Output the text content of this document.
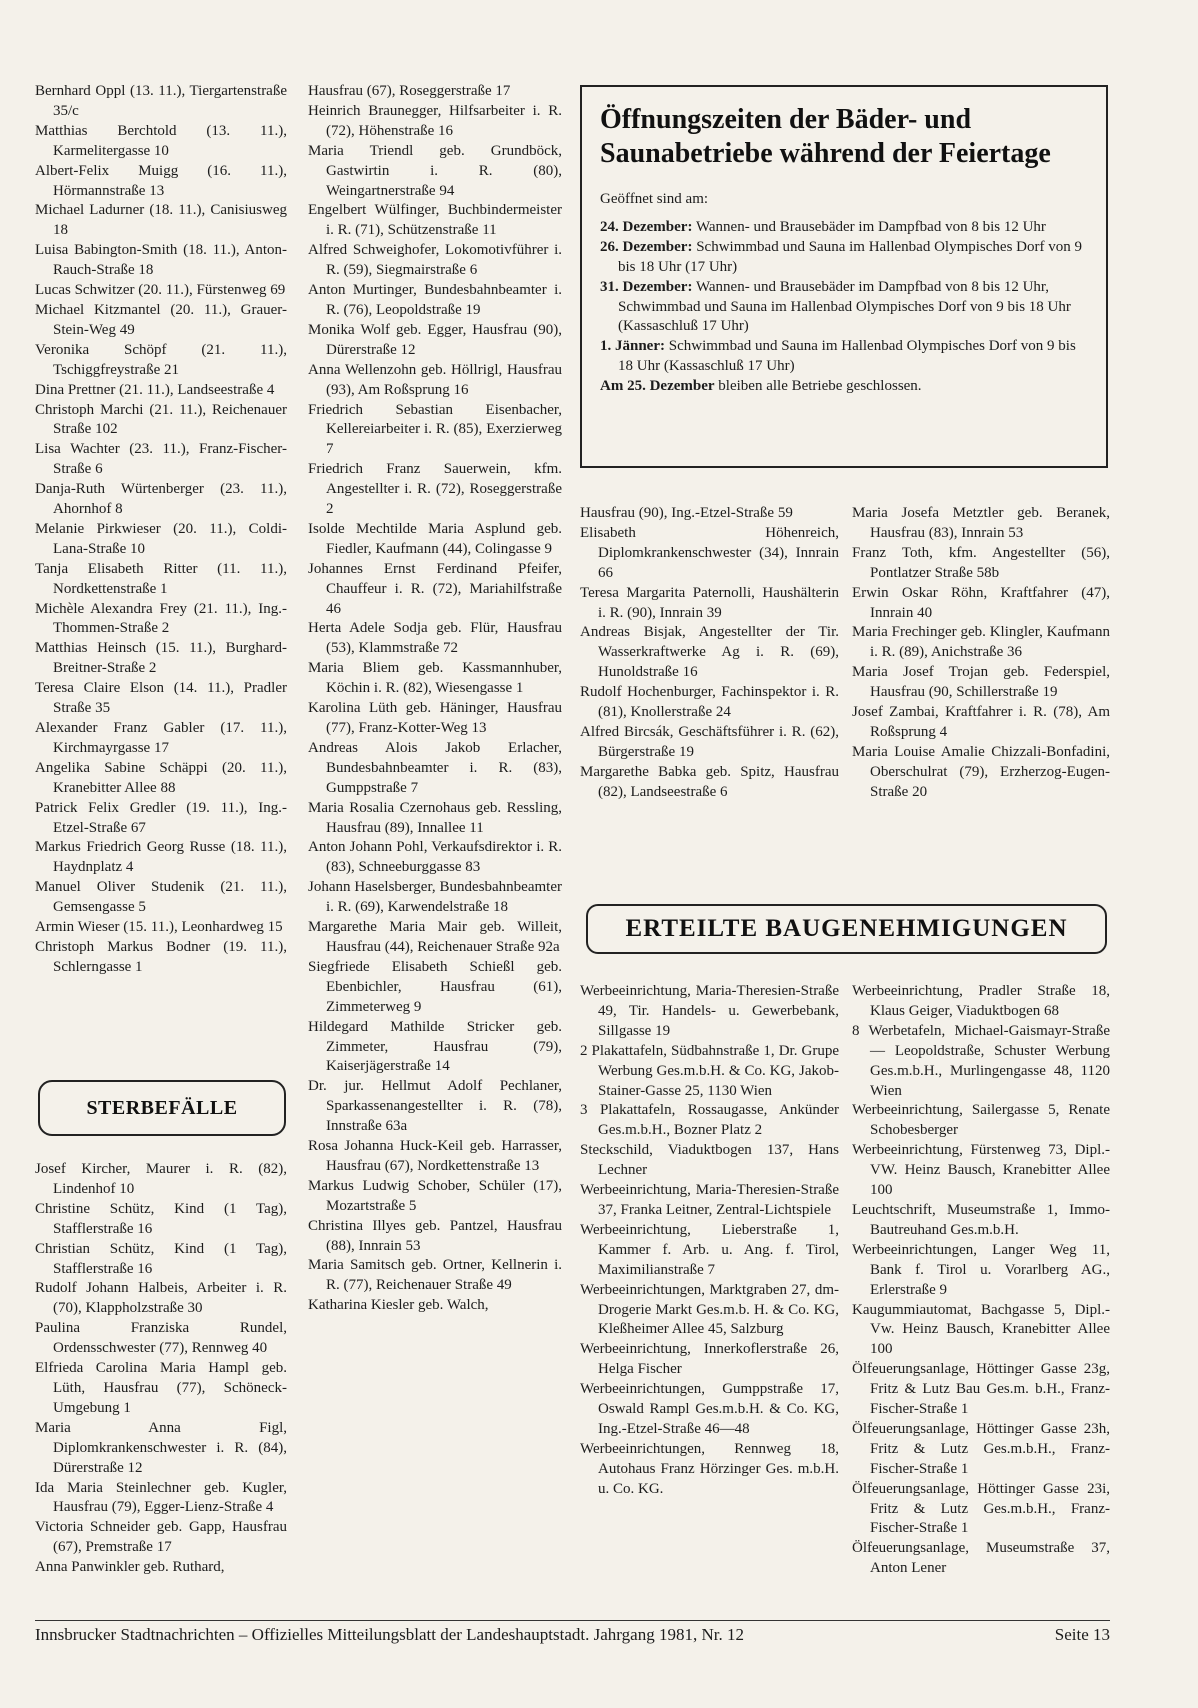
Bernhard Oppl (13. 11.), Tiergartenstraße 35/c

Matthias Berchtold (13. 11.), Karmelitergasse 10

Albert-Felix Muigg (16. 11.), Hörmannstraße 13

Michael Ladurner (18. 11.), Canisiusweg 18

Luisa Babington-Smith (18. 11.), Anton-Rauch-Straße 18

Lucas Schwitzer (20. 11.), Fürstenweg 69

Michael Kitzmantel (20. 11.), Grauer-Stein-Weg 49

Veronika Schöpf (21. 11.), Tschiggfreystraße 21

Dina Prettner (21. 11.), Landseestraße 4

Christoph Marchi (21. 11.), Reichenauer Straße 102

Lisa Wachter (23. 11.), Franz-Fischer-Straße 6

Danja-Ruth Würtenberger (23. 11.), Ahornhof 8

Melanie Pirkwieser (20. 11.), Coldi-Lana-Straße 10

Tanja Elisabeth Ritter (11. 11.), Nordkettenstraße 1

Michèle Alexandra Frey (21. 11.), Ing.-Thommen-Straße 2

Matthias Heinsch (15. 11.), Burghard-Breitner-Straße 2

Teresa Claire Elson (14. 11.), Pradler Straße 35

Alexander Franz Gabler (17. 11.), Kirchmayrgasse 17

Angelika Sabine Schäppi (20. 11.), Kranebitter Allee 88

Patrick Felix Gredler (19. 11.), Ing.-Etzel-Straße 67

Markus Friedrich Georg Russe (18. 11.), Haydnplatz 4

Manuel Oliver Studenik (21. 11.), Gemsengasse 5

Armin Wieser (15. 11.), Leonhardweg 15

Christoph Markus Bodner (19. 11.), Schlerngasse 1

STERBEFÄLLE

Josef Kircher, Maurer i. R. (82), Lindenhof 10

Christine Schütz, Kind (1 Tag), Stafflerstraße 16

Christian Schütz, Kind (1 Tag), Stafflerstraße 16

Rudolf Johann Halbeis, Arbeiter i. R. (70), Klappholzstraße 30

Paulina Franziska Rundel, Ordensschwester (77), Rennweg 40

Elfrieda Carolina Maria Hampl geb. Lüth, Hausfrau (77), Schöneck-Umgebung 1

Maria Anna Figl, Diplomkrankenschwester i. R. (84), Dürerstraße 12

Ida Maria Steinlechner geb. Kugler, Hausfrau (79), Egger-Lienz-Straße 4

Victoria Schneider geb. Gapp, Hausfrau (67), Premstraße 17

Anna Panwinkler geb. Ruthard,

Hausfrau (67), Roseggerstraße 17

Heinrich Braunegger, Hilfsarbeiter i. R. (72), Höhenstraße 16

Maria Triendl geb. Grundböck, Gastwirtin i. R. (80), Weingartnerstraße 94

Engelbert Wülfinger, Buchbindermeister i. R. (71), Schützenstraße 11

Alfred Schweighofer, Lokomotivführer i. R. (59), Siegmairstraße 6

Anton Murtinger, Bundesbahnbeamter i. R. (76), Leopoldstraße 19

Monika Wolf geb. Egger, Hausfrau (90), Dürerstraße 12

Anna Wellenzohn geb. Höllrigl, Hausfrau (93), Am Roßsprung 16

Friedrich Sebastian Eisenbacher, Kellereiarbeiter i. R. (85), Exerzierweg 7

Friedrich Franz Sauerwein, kfm. Angestellter i. R. (72), Roseggerstraße 2

Isolde Mechtilde Maria Asplund geb. Fiedler, Kaufmann (44), Colingasse 9

Johannes Ernst Ferdinand Pfeifer, Chauffeur i. R. (72), Mariahilfstraße 46

Herta Adele Sodja geb. Flür, Hausfrau (53), Klammstraße 72

Maria Bliem geb. Kassmannhuber, Köchin i. R. (82), Wiesengasse 1

Karolina Lüth geb. Häninger, Hausfrau (77), Franz-Kotter-Weg 13

Andreas Alois Jakob Erlacher, Bundesbahnbeamter i. R. (83), Gumppstraße 7

Maria Rosalia Czernohaus geb. Ressling, Hausfrau (89), Innallee 11

Anton Johann Pohl, Verkaufsdirektor i. R. (83), Schneeburggasse 83

Johann Haselsberger, Bundesbahnbeamter i. R. (69), Karwendelstraße 18

Margarethe Maria Mair geb. Willeit, Hausfrau (44), Reichenauer Straße 92a

Siegfriede Elisabeth Schießl geb. Ebenbichler, Hausfrau (61), Zimmeterweg 9

Hildegard Mathilde Stricker geb. Zimmeter, Hausfrau (79), Kaiserjägerstraße 14

Dr. jur. Hellmut Adolf Pechlaner, Sparkassenangestellter i. R. (78), Innstraße 63a

Rosa Johanna Huck-Keil geb. Harrasser, Hausfrau (67), Nordkettenstraße 13

Markus Ludwig Schober, Schüler (17), Mozartstraße 5

Christina Illyes geb. Pantzel, Hausfrau (88), Innrain 53

Maria Samitsch geb. Ortner, Kellnerin i. R. (77), Reichenauer Straße 49

Katharina Kiesler geb. Walch,

Öffnungszeiten der Bäder- und Saunabetriebe während der Feiertage

Geöffnet sind am:

24. Dezember: Wannen- und Brausebäder im Dampfbad von 8 bis 12 Uhr

26. Dezember: Schwimmbad und Sauna im Hallenbad Olympisches Dorf von 9 bis 18 Uhr (17 Uhr)

31. Dezember: Wannen- und Brausebäder im Dampfbad von 8 bis 12 Uhr, Schwimmbad und Sauna im Hallenbad Olympisches Dorf von 9 bis 18 Uhr (Kassaschluß 17 Uhr)

1. Jänner: Schwimmbad und Sauna im Hallenbad Olympisches Dorf von 9 bis 18 Uhr (Kassaschluß 17 Uhr)

Am 25. Dezember bleiben alle Betriebe geschlossen.

Hausfrau (90), Ing.-Etzel-Straße 59

Elisabeth Höhenreich, Diplomkrankenschwester (34), Innrain 66

Teresa Margarita Paternolli, Haushälterin i. R. (90), Innrain 39

Andreas Bisjak, Angestellter der Tir. Wasserkraftwerke Ag i. R. (69), Hunoldstraße 16

Rudolf Hochenburger, Fachinspektor i. R. (81), Knollerstraße 24

Alfred Bircsák, Geschäftsführer i. R. (62), Bürgerstraße 19

Margarethe Babka geb. Spitz, Hausfrau (82), Landseestraße 6

Maria Josefa Metztler geb. Beranek, Hausfrau (83), Innrain 53

Franz Toth, kfm. Angestellter (56), Pontlatzer Straße 58b

Erwin Oskar Röhn, Kraftfahrer (47), Innrain 40

Maria Frechinger geb. Klingler, Kaufmann i. R. (89), Anichstraße 36

Maria Josef Trojan geb. Federspiel, Hausfrau (90, Schillerstraße 19

Josef Zambai, Kraftfahrer i. R. (78), Am Roßsprung 4

Maria Louise Amalie Chizzali-Bonfadini, Oberschulrat (79), Erzherzog-Eugen-Straße 20

ERTEILTE BAUGENEHMIGUNGEN

Werbeeinrichtung, Maria-Theresien-Straße 49, Tir. Handels- u. Gewerbebank, Sillgasse 19

2 Plakattafeln, Südbahnstraße 1, Dr. Grupe Werbung Ges.m.b.H. & Co. KG, Jakob-Stainer-Gasse 25, 1130 Wien

3 Plakattafeln, Rossaugasse, Ankünder Ges.m.b.H., Bozner Platz 2

Steckschild, Viaduktbogen 137, Hans Lechner

Werbeeinrichtung, Maria-Theresien-Straße 37, Franka Leitner, Zentral-Lichtspiele

Werbeeinrichtung, Lieberstraße 1, Kammer f. Arb. u. Ang. f. Tirol, Maximilianstraße 7

Werbeeinrichtungen, Marktgraben 27, dm-Drogerie Markt Ges.m.b. H. & Co. KG, Kleßheimer Allee 45, Salzburg

Werbeeinrichtung, Innerkoflerstraße 26, Helga Fischer

Werbeeinrichtungen, Gumppstraße 17, Oswald Rampl Ges.m.b.H. & Co. KG, Ing.-Etzel-Straße 46—48

Werbeeinrichtungen, Rennweg 18, Autohaus Franz Hörzinger Ges. m.b.H. u. Co. KG.

Werbeeinrichtung, Pradler Straße 18, Klaus Geiger, Viaduktbogen 68

8 Werbetafeln, Michael-Gaismayr-Straße — Leopoldstraße, Schuster Werbung Ges.m.b.H., Murlingengasse 48, 1120 Wien

Werbeeinrichtung, Sailergasse 5, Renate Schobesberger

Werbeeinrichtung, Fürstenweg 73, Dipl.-VW. Heinz Bausch, Kranebitter Allee 100

Leuchtschrift, Museumstraße 1, Immo-Bautreuhand Ges.m.b.H.

Werbeeinrichtungen, Langer Weg 11, Bank f. Tirol u. Vorarlberg AG., Erlerstraße 9

Kaugummiautomat, Bachgasse 5, Dipl.-Vw. Heinz Bausch, Kranebitter Allee 100

Ölfeuerungsanlage, Höttinger Gasse 23g, Fritz & Lutz Bau Ges.m. b.H., Franz-Fischer-Straße 1

Ölfeuerungsanlage, Höttinger Gasse 23h, Fritz & Lutz Ges.m.b.H., Franz-Fischer-Straße 1

Ölfeuerungsanlage, Höttinger Gasse 23i, Fritz & Lutz Ges.m.b.H., Franz-Fischer-Straße 1

Ölfeuerungsanlage, Museumstraße 37, Anton Lener

Innsbrucker Stadtnachrichten – Offizielles Mitteilungsblatt der Landeshauptstadt. Jahrgang 1981, Nr. 12	Seite 13
